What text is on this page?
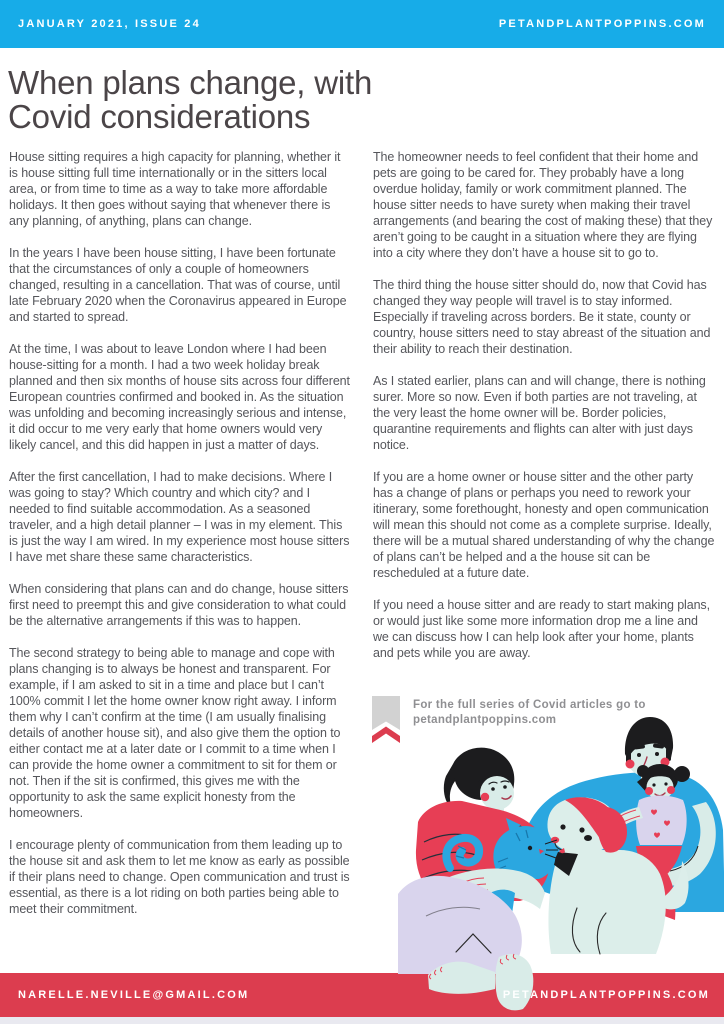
JANUARY 2021, ISSUE 24	PETANDPLANTPOPPINS.COM
When plans change, with Covid considerations

House sitting requires a high capacity for planning, whether it is house sitting full time internationally or in the sitters local area, or from time to time as a way to take more affordable holidays. It then goes without saying that whenever there is any planning, of anything, plans can change.

In the years I have been house sitting, I have been fortunate that the circumstances of only a couple of homeowners changed, resulting in a cancellation. That was of course, until late February 2020 when the Coronavirus appeared in Europe and started to spread.

At the time, I was about to leave London where I had been house-sitting for a month. I had a two week holiday break planned and then six months of house sits across four different European countries confirmed and booked in. As the situation was unfolding and becoming increasingly serious and intense, it did occur to me very early that home owners would very likely cancel, and this did happen in just a matter of days.

After the first cancellation, I had to make decisions. Where I was going to stay? Which country and which city? and I needed to find suitable accommodation. As a seasoned traveler, and a high detail planner – I was in my element. This is just the way I am wired. In my experience most house sitters I have met share these same characteristics.

When considering that plans can and do change, house sitters first need to preempt this and give consideration to what could be the alternative arrangements if this was to happen.

The second strategy to being able to manage and cope with plans changing is to always be honest and transparent. For example, if I am asked to sit in a time and place but I can’t 100% commit I let the home owner know right away. I inform them why I can’t confirm at the time (I am usually finalising details of another house sit), and also give them the option to either contact me at a later date or I commit to a time when I can provide the home owner a commitment to sit for them or not. Then if the sit is confirmed, this gives me with the opportunity to ask the same explicit honesty from the homeowners.

I encourage plenty of communication from them leading up to the house sit and ask them to let me know as early as possible if their plans need to change. Open communication and trust is essential, as there is a lot riding on both parties being able to meet their commitment.

The homeowner needs to feel confident that their home and pets are going to be cared for. They probably have a long overdue holiday, family or work commitment planned. The house sitter needs to have surety when making their travel arrangements (and bearing the cost of making these) that they aren’t going to be caught in a situation where they are flying into a city where they don’t have a house sit to go to.

The third thing the house sitter should do, now that Covid has changed they way people will travel is to stay informed. Especially if traveling across borders. Be it state, county or country, house sitters need to stay abreast of the situation and their ability to reach their destination.

As I stated earlier, plans can and will change, there is nothing surer. More so now. Even if both parties are not traveling, at the very least the home owner will be. Border policies, quarantine requirements and flights can alter with just days notice.

If you are a home owner or house sitter and the other party has a change of plans or perhaps you need to rework your itinerary, some forethought, honesty and open communication will mean this should not come as a complete surprise. Ideally, there will be a mutual shared understanding of why the change of plans can’t be helped and a the house sit can be rescheduled at a future date.

If you need a house sitter and are ready to start making plans, or would just like some more information drop me a line and we can discuss how I can help look after your home, plants and pets while you are away.

For the full series of Covid articles go to
petandplantpoppins.com
NARELLE.NEVILLE@GMAIL.COM	PETANDPLANTPOPPINS.COM
